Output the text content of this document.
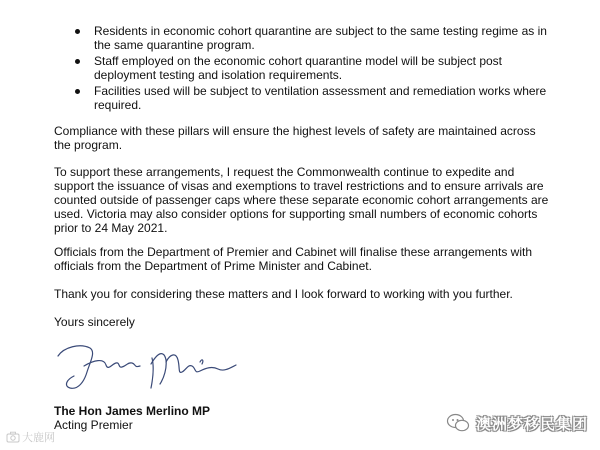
Residents in economic cohort quarantine are subject to the same testing regime as in the same quarantine program.
Staff employed on the economic cohort quarantine model will be subject post deployment testing and isolation requirements.
Facilities used will be subject to ventilation assessment and remediation works where required.

Compliance with these pillars will ensure the highest levels of safety are maintained across the program.

To support these arrangements, I request the Commonwealth continue to expedite and support the issuance of visas and exemptions to travel restrictions and to ensure arrivals are counted outside of passenger caps where these separate economic cohort arrangements are used. Victoria may also consider options for supporting small numbers of economic cohorts prior to 24 May 2021.

Officials from the Department of Premier and Cabinet will finalise these arrangements with officials from the Department of Prime Minister and Cabinet.

Thank you for considering these matters and I look forward to working with you further.

Yours sincerely

The Hon James Merlino MP

Acting Premier

大鹿网
澳洲梦移民集团
